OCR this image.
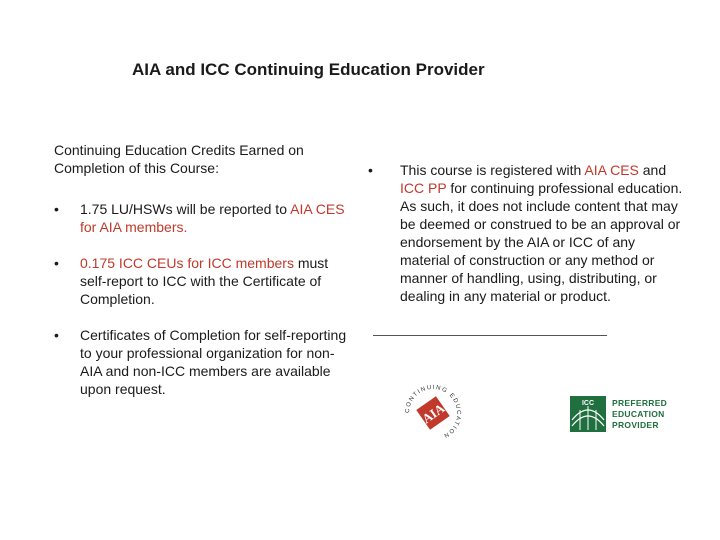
AIA and ICC Continuing Education Provider

Continuing Education Credits Earned on Completion of this Course:

•	1.75 LU/HSWs will be reported to AIA CES for AIA members.
•	0.175 ICC CEUs for ICC members must self-report to ICC with the Certificate of Completion.
•	Certificates of Completion for self-reporting to your professional organization for non-AIA and non-ICC members are available upon request.
•	This course is registered with AIA CES and ICC PP for continuing professional education. As such, it does not include content that may be deemed or construed to be an approval or endorsement by the AIA or ICC of any material of construction or any method or manner of handling, using, distributing, or dealing in any material or product.

CONTINUING EDUCATION
AIA	ICC PREFERRED
EDUCATION
PROVIDER
